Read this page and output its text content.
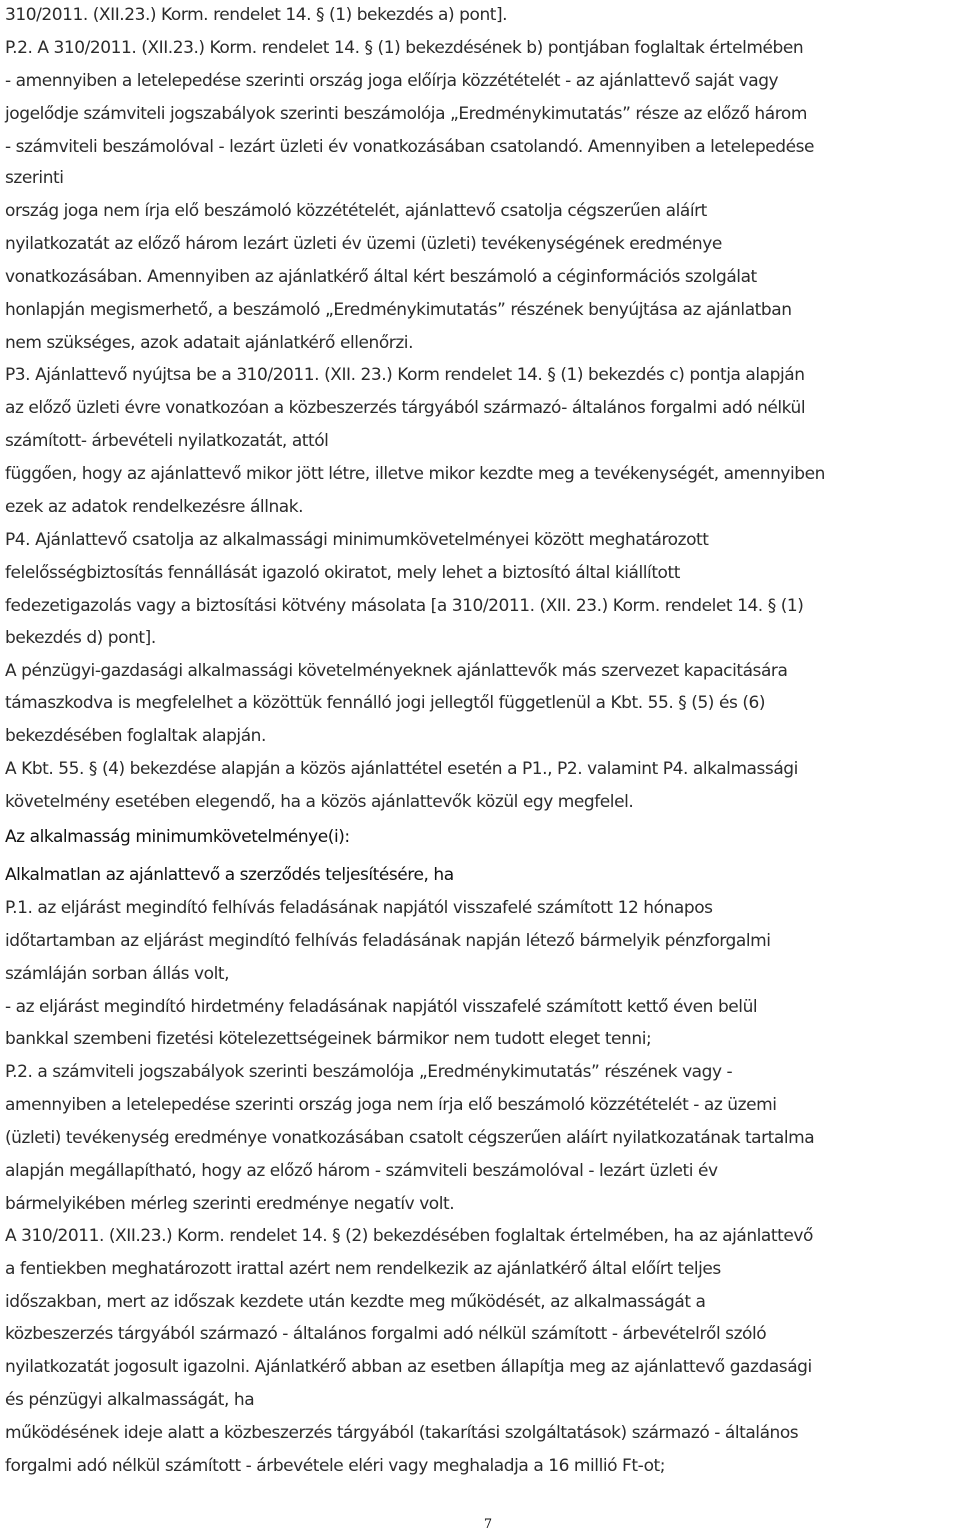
310/2011. (XII.23.) Korm. rendelet 14. § (1) bekezdés a) pont].
P.2. A 310/2011. (XII.23.) Korm. rendelet 14. § (1) bekezdésének b) pontjában foglaltak értelmében
- amennyiben a letelepedése szerinti ország joga előírja közzétételét - az ajánlattevő saját vagy
jogelődje számviteli jogszabályok szerinti beszámolója „Eredménykimutatás” része az előző három
- számviteli beszámolóval - lezárt üzleti év vonatkozásában csatolandó. Amennyiben a letelepedése
szerinti
ország joga nem írja elő beszámoló közzétételét, ajánlattevő csatolja cégszerűen aláírt
nyilatkozatát az előző három lezárt üzleti év üzemi (üzleti) tevékenységének eredménye
vonatkozásában. Amennyiben az ajánlatkérő által kért beszámoló a céginformációs szolgálat
honlapján megismerhető, a beszámoló „Eredménykimutatás” részének benyújtása az ajánlatban
nem szükséges, azok adatait ajánlatkérő ellenőrzi.
P3. Ajánlattevő nyújtsa be a 310/2011. (XII. 23.) Korm rendelet 14. § (1) bekezdés c) pontja alapján
az előző üzleti évre vonatkozóan a közbeszerzés tárgyából származó- általános forgalmi adó nélkül
számított- árbevételi nyilatkozatát, attól
függően, hogy az ajánlattevő mikor jött létre, illetve mikor kezdte meg a tevékenységét, amennyiben
ezek az adatok rendelkezésre állnak.
P4. Ajánlattevő csatolja az alkalmassági minimumkövetelményei között meghatározott
felelősségbiztosítás fennállását igazoló okiratot, mely lehet a biztosító által kiállított
fedezetigazolás vagy a biztosítási kötvény másolata [a 310/2011. (XII. 23.) Korm. rendelet 14. § (1)
bekezdés d) pont].
A pénzügyi-gazdasági alkalmassági követelményeknek ajánlattevők más szervezet kapacitására
támaszkodva is megfelelhet a közöttük fennálló jogi jellegtől függetlenül a Kbt. 55. § (5) és (6)
bekezdésében foglaltak alapján.
A Kbt. 55. § (4) bekezdése alapján a közös ajánlattétel esetén a P1., P2. valamint P4. alkalmassági
követelmény esetében elegendő, ha a közös ajánlattevők közül egy megfelel.
Az alkalmasság minimumkövetelménye(i):
Alkalmatlan az ajánlattevő a szerződés teljesítésére, ha
P.1. az eljárást megindító felhívás feladásának napjától visszafelé számított 12 hónapos
időtartamban az eljárást megindító felhívás feladásának napján létező bármelyik pénzforgalmi
számláján sorban állás volt,
- az eljárást megindító hirdetmény feladásának napjától visszafelé számított kettő éven belül
bankkal szembeni fizetési kötelezettségeinek bármikor nem tudott eleget tenni;
P.2. a számviteli jogszabályok szerinti beszámolója „Eredménykimutatás” részének vagy -
amennyiben a letelepedése szerinti ország joga nem írja elő beszámoló közzétételét - az üzemi
(üzleti) tevékenység eredménye vonatkozásában csatolt cégszerűen aláírt nyilatkozatának tartalma
alapján megállapítható, hogy az előző három - számviteli beszámolóval - lezárt üzleti év
bármelyikében mérleg szerinti eredménye negatív volt.
A 310/2011. (XII.23.) Korm. rendelet 14. § (2) bekezdésében foglaltak értelmében, ha az ajánlattevő
a fentiekben meghatározott irattal azért nem rendelkezik az ajánlatkérő által előírt teljes
időszakban, mert az időszak kezdete után kezdte meg működését, az alkalmasságát a
közbeszerzés tárgyából származó - általános forgalmi adó nélkül számított - árbevételről szóló
nyilatkozatát jogosult igazolni. Ajánlatkérő abban az esetben állapítja meg az ajánlattevő gazdasági
és pénzügyi alkalmasságát, ha
működésének ideje alatt a közbeszerzés tárgyából (takarítási szolgáltatások) származó - általános
forgalmi adó nélkül számított - árbevétele eléri vagy meghaladja a 16 millió Ft-ot;
7
